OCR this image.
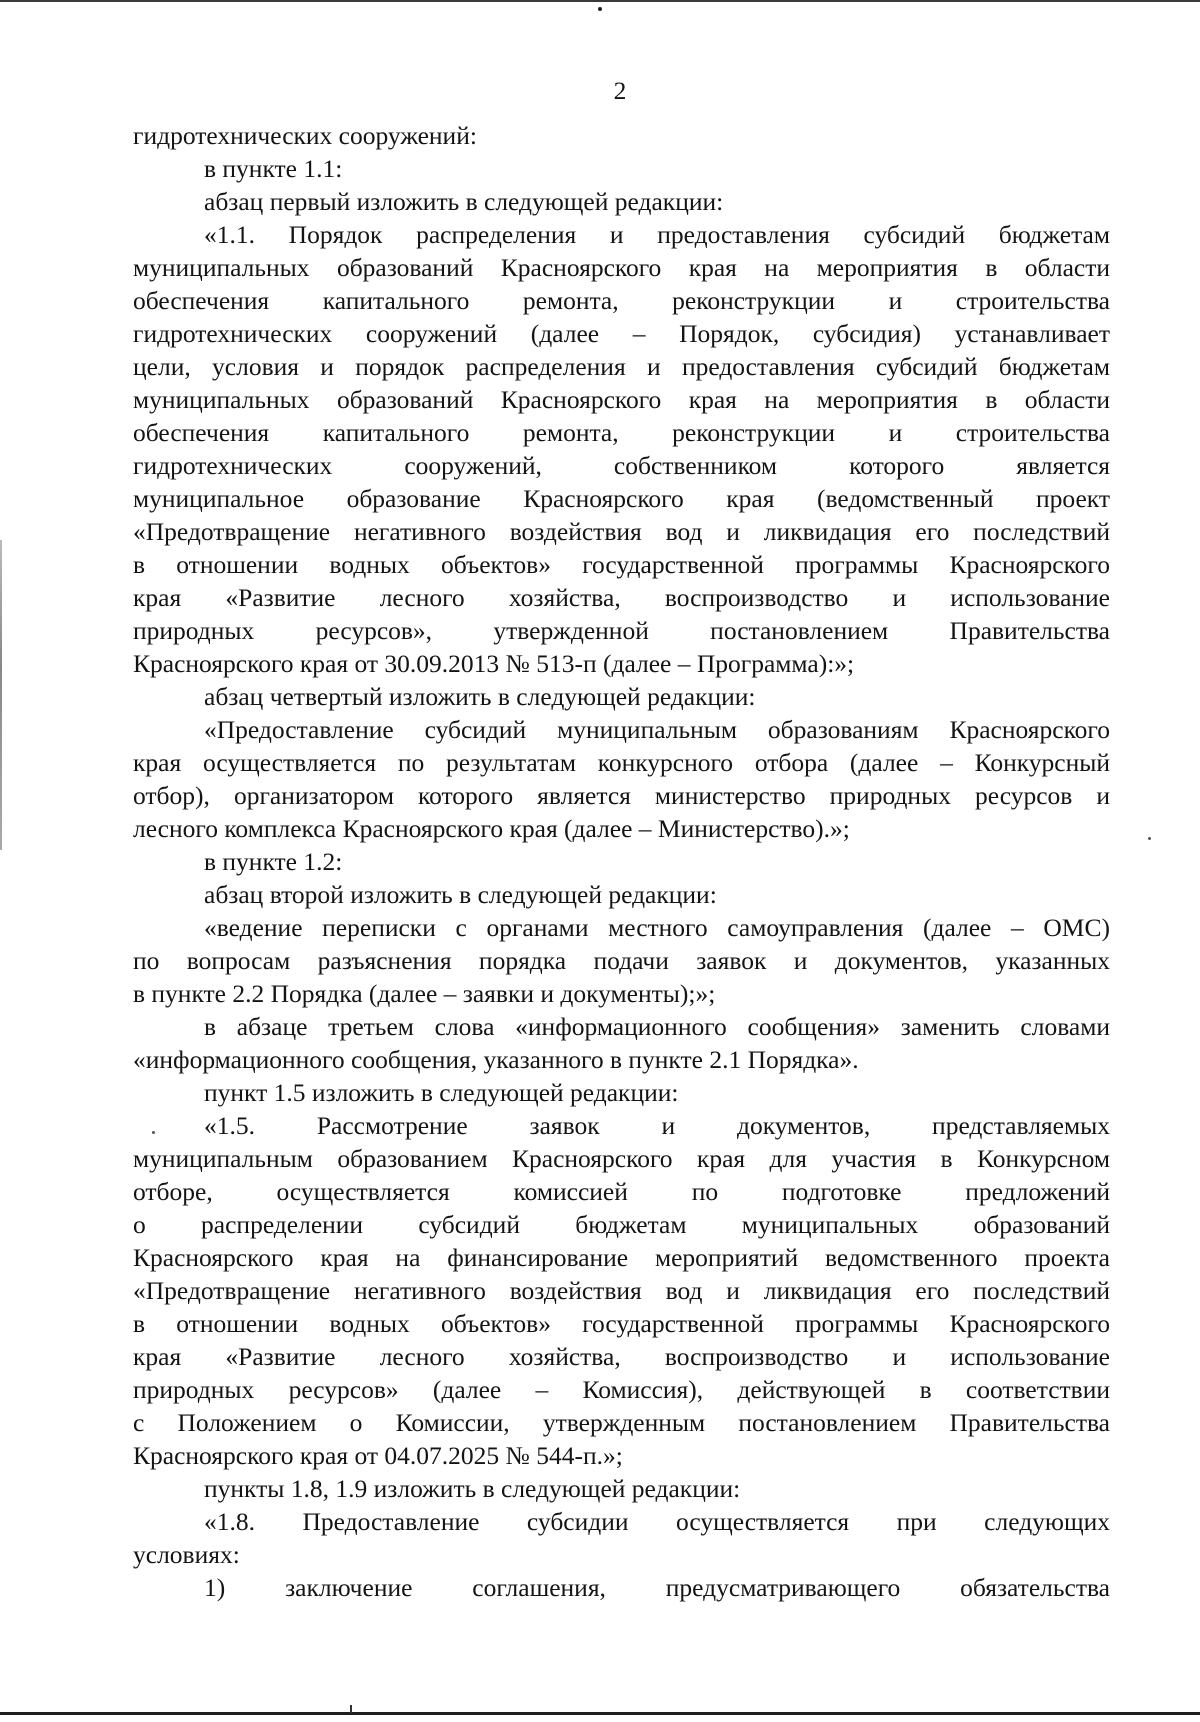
2
гидротехнических сооружений:
в пункте 1.1:
абзац первый изложить в следующей редакции:
«1.1. Порядок распределения и предоставления субсидий бюджетам
муниципальных образований Красноярского края на мероприятия в области
обеспечения капитального ремонта, реконструкции и строительства
гидротехнических сооружений (далее – Порядок, субсидия) устанавливает
цели, условия и порядок распределения и предоставления субсидий бюджетам
муниципальных образований Красноярского края на мероприятия в области
обеспечения капитального ремонта, реконструкции и строительства
гидротехнических сооружений, собственником которого является
муниципальное образование Красноярского края (ведомственный проект
«Предотвращение негативного воздействия вод и ликвидация его последствий
в отношении водных объектов» государственной программы Красноярского
края «Развитие лесного хозяйства, воспроизводство и использование
природных ресурсов», утвержденной постановлением Правительства
Красноярского края от 30.09.2013 № 513-п (далее – Программа):»;
абзац четвертый изложить в следующей редакции:
«Предоставление субсидий муниципальным образованиям Красноярского
края осуществляется по результатам конкурсного отбора (далее – Конкурсный
отбор), организатором которого является министерство природных ресурсов и
лесного комплекса Красноярского края (далее – Министерство).»;
в пункте 1.2:
абзац второй изложить в следующей редакции:
«ведение переписки с органами местного самоуправления (далее – ОМС)
по вопросам разъяснения порядка подачи заявок и документов, указанных
в пункте 2.2 Порядка (далее – заявки и документы);»;
в абзаце третьем слова «информационного сообщения» заменить словами
«информационного сообщения, указанного в пункте 2.1 Порядка».
пункт 1.5 изложить в следующей редакции:
«1.5. Рассмотрение заявок и документов, представляемых
муниципальным образованием Красноярского края для участия в Конкурсном
отборе, осуществляется комиссией по подготовке предложений
о распределении субсидий бюджетам муниципальных образований
Красноярского края на финансирование мероприятий ведомственного проекта
«Предотвращение негативного воздействия вод и ликвидация его последствий
в отношении водных объектов» государственной программы Красноярского
края «Развитие лесного хозяйства, воспроизводство и использование
природных ресурсов» (далее – Комиссия), действующей в соответствии
с Положением о Комиссии, утвержденным постановлением Правительства
Красноярского края от 04.07.2025 № 544-п.»;
пункты 1.8, 1.9 изложить в следующей редакции:
«1.8. Предоставление субсидии осуществляется при следующих
условиях:
1) заключение соглашения, предусматривающего обязательства
